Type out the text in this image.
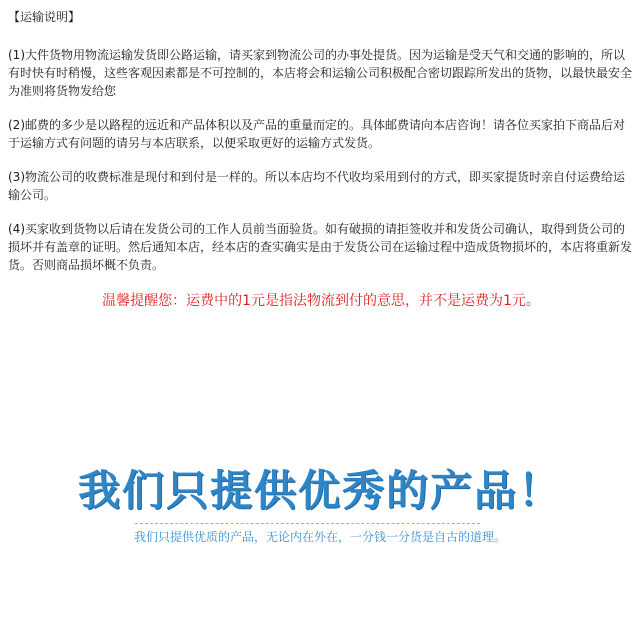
【运输说明】

(1)大件货物用物流运输发货即公路运输，请买家到物流公司的办事处提货。因为运输是受天气和交通的影响的，所以有时快有时稍慢，这些客观因素都是不可控制的，本店将会和运输公司积极配合密切跟踪所发出的货物，以最快最安全为准则将货物发给您

(2)邮费的多少是以路程的远近和产品体积以及产品的重量而定的。具体邮费请向本店咨询！请各位买家拍下商品后对于运输方式有问题的请另与本店联系，以便采取更好的运输方式发货。

(3)物流公司的收费标准是现付和到付是一样的。所以本店均不代收均采用到付的方式，即买家提货时亲自付运费给运输公司。

(4)买家收到货物以后请在发货公司的工作人员前当面验货。如有破损的请拒签收并和发货公司确认，取得到货公司的损坏并有盖章的证明。然后通知本店，经本店的查实确实是由于发货公司在运输过程中造成货物损坏的，本店将重新发货。否则商品损坏概不负责。

温馨提醒您：运费中的1元是指法物流到付的意思，并不是运费为1元。
我们只提供优秀的产品！
我们只提供优质的产品，无论内在外在，一分钱一分货是自古的道理。
